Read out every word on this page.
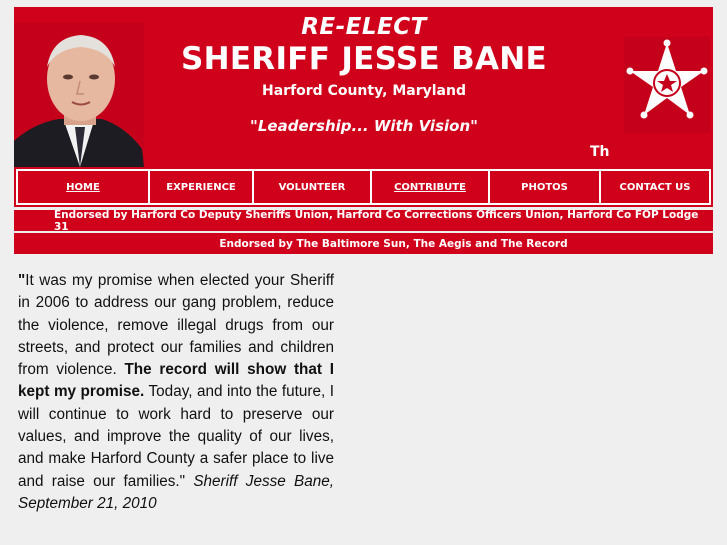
RE-ELECT
SHERIFF JESSE BANE
Harford County, Maryland
"Leadership... With Vision"
Th
HOME	EXPERIENCE	VOLUNTEER	CONTRIBUTE	PHOTOS	CONTACT US
Endorsed by Harford Co Deputy Sheriffs Union, Harford Co Corrections Officers Union, Harford Co FOP Lodge 31
Endorsed by The Baltimore Sun, The Aegis and The Record
"It was my promise when elected your Sheriff in 2006 to address our gang problem, reduce the violence, remove illegal drugs from our streets, and protect our families and children from violence. The record will show that I kept my promise. Today, and into the future, I will continue to work hard to preserve our values, and improve the quality of our lives, and make Harford County a safer place to live and raise our families." Sheriff Jesse Bane, September 21, 2010
